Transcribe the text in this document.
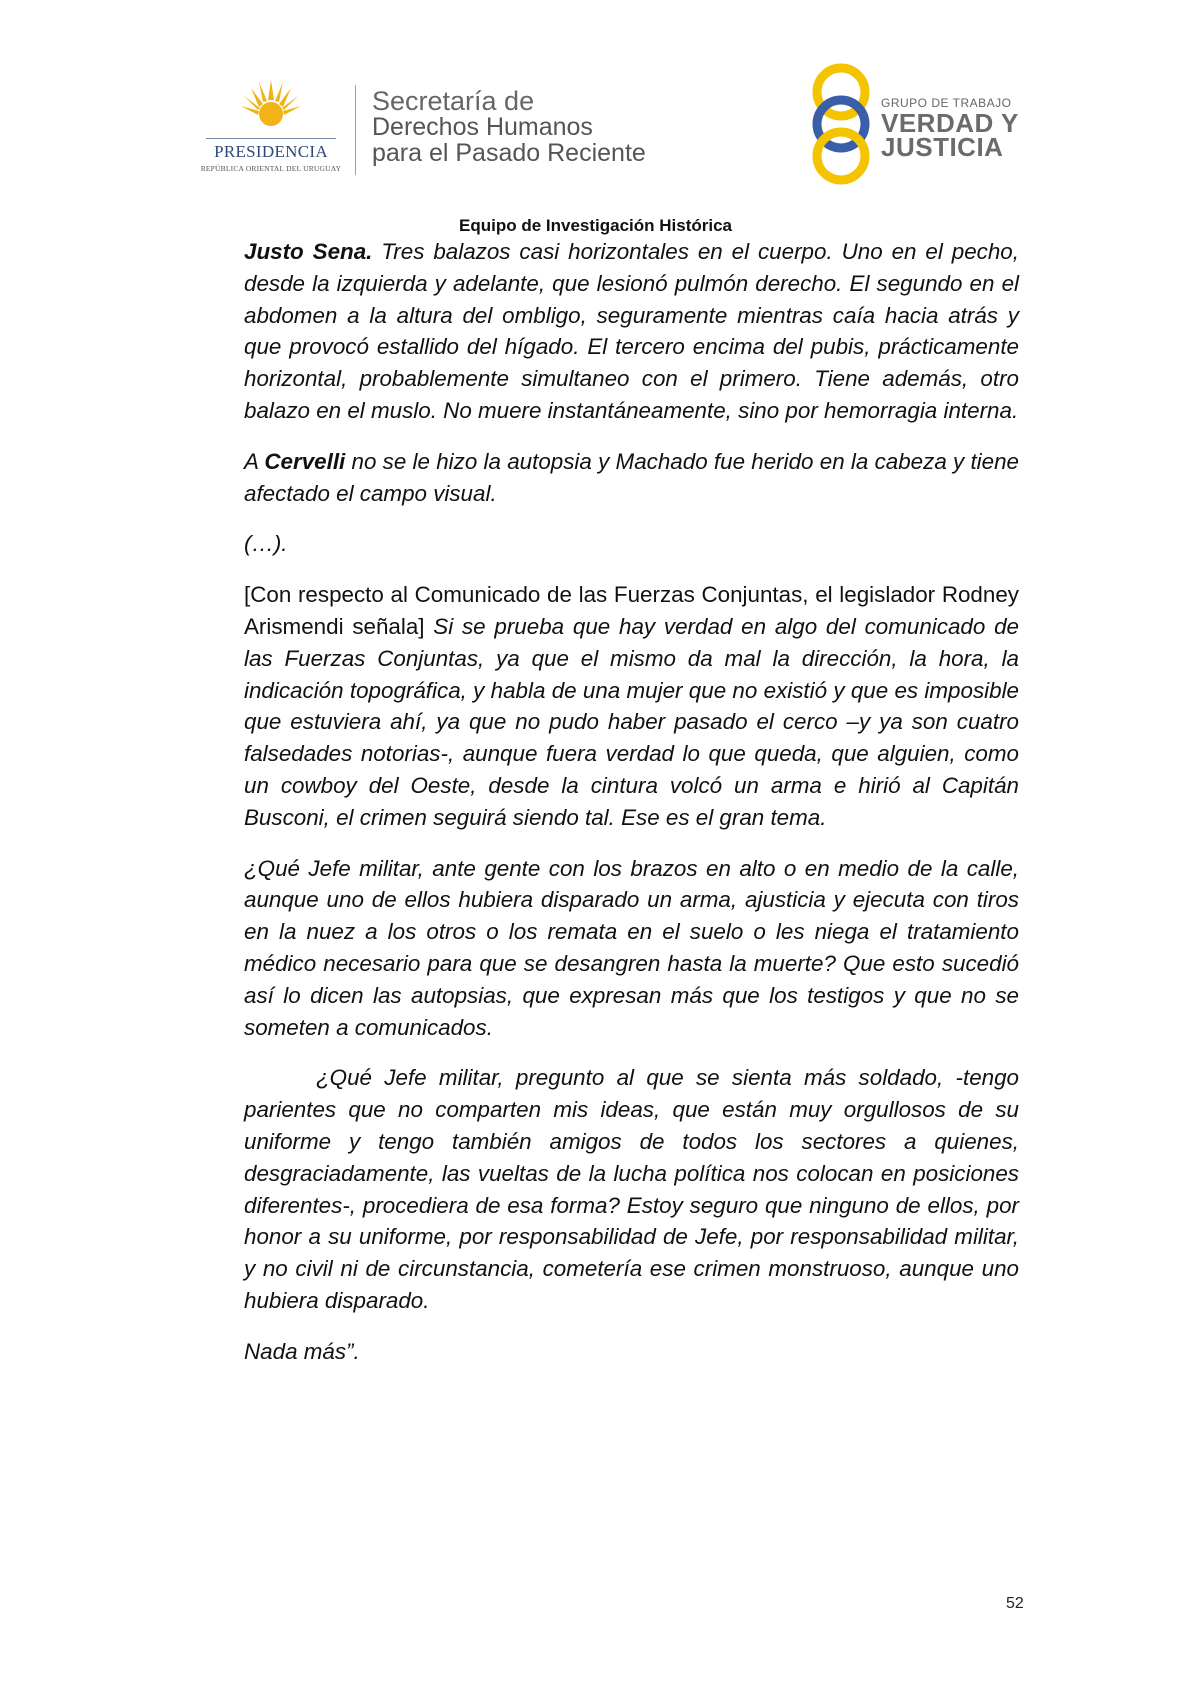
PRESIDENCIA
REPÚBLICA ORIENTAL DEL URUGUAY
Secretaría de
Derechos Humanos
para el Pasado Reciente
GRUPO DE TRABAJO
VERDAD Y
JUSTICIA
Equipo de Investigación Histórica

Justo Sena. Tres balazos casi horizontales en el cuerpo. Uno en el pecho, desde la izquierda y adelante, que lesionó pulmón derecho. El segundo en el abdomen a la altura del ombligo, seguramente mientras caía hacia atrás y que provocó estallido del hígado. El tercero encima del pubis, prácticamente horizontal, probablemente simultaneo con el primero. Tiene además, otro balazo en el muslo. No muere instantáneamente, sino por hemorragia interna.

A Cervelli no se le hizo la autopsia y Machado fue herido en la cabeza y tiene afectado el campo visual.

(…).

[Con respecto al Comunicado de las Fuerzas Conjuntas, el legislador Rodney Arismendi señala] Si se prueba que hay verdad en algo del comunicado de las Fuerzas Conjuntas, ya que el mismo da mal la dirección, la hora, la indicación topográfica, y habla de una mujer que no existió y que es imposible que estuviera ahí, ya que no pudo haber pasado el cerco –y ya son cuatro falsedades notorias-, aunque fuera verdad lo que queda, que alguien, como un cowboy del Oeste, desde la cintura volcó un arma e hirió al Capitán Busconi, el crimen seguirá siendo tal. Ese es el gran tema.

¿Qué Jefe militar, ante gente con los brazos en alto o en medio de la calle, aunque uno de ellos hubiera disparado un arma, ajusticia y ejecuta con tiros en la nuez a los otros o los remata en el suelo o les niega el tratamiento médico necesario para que se desangren hasta la muerte? Que esto sucedió así lo dicen las autopsias, que expresan más que los testigos y que no se someten a comunicados.

¿Qué Jefe militar, pregunto al que se sienta más soldado, -tengo parientes que no comparten mis ideas, que están muy orgullosos de su uniforme y tengo también amigos de todos los sectores a quienes, desgraciadamente, las vueltas de la lucha política nos colocan en posiciones diferentes-, procediera de esa forma? Estoy seguro que ninguno de ellos, por honor a su uniforme, por responsabilidad de Jefe, por responsabilidad militar, y no civil ni de circunstancia, cometería ese crimen monstruoso, aunque uno hubiera disparado.

Nada más”.

52
